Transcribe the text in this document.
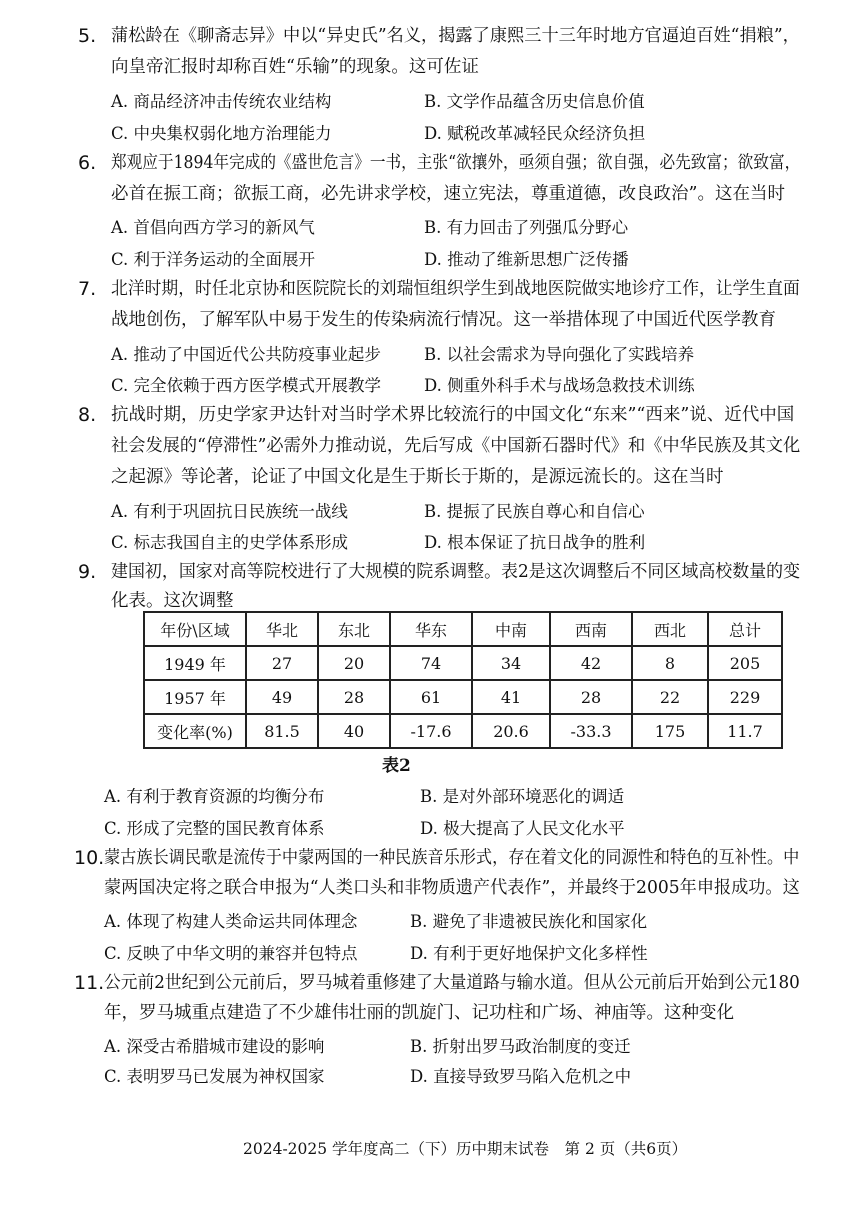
5. 蒲松龄在《聊斋志异》中以“异史氏”名义，揭露了康熙三十三年时地方官逼迫百姓“捐粮”，
向皇帝汇报时却称百姓“乐输”的现象。这可佐证
A. 商品经济冲击传统农业结构	B. 文学作品蕴含历史信息价值
C. 中央集权弱化地方治理能力	D. 赋税改革减轻民众经济负担
6. 郑观应于1894年完成的《盛世危言》一书，主张“欲攘外，亟须自强；欲自强，必先致富；欲致富，
必首在振工商；欲振工商，必先讲求学校，速立宪法，尊重道德，改良政治”。这在当时
A. 首倡向西方学习的新风气	B. 有力回击了列强瓜分野心
C. 利于洋务运动的全面展开	D. 推动了维新思想广泛传播
7. 北洋时期，时任北京协和医院院长的刘瑞恒组织学生到战地医院做实地诊疗工作，让学生直面
战地创伤，了解军队中易于发生的传染病流行情况。这一举措体现了中国近代医学教育
A. 推动了中国近代公共防疫事业起步	B. 以社会需求为导向强化了实践培养
C. 完全依赖于西方医学模式开展教学	D. 侧重外科手术与战场急救技术训练
8. 抗战时期，历史学家尹达针对当时学术界比较流行的中国文化“东来”“西来”说、近代中国
社会发展的“停滞性”必需外力推动说，先后写成《中国新石器时代》和《中华民族及其文化
之起源》等论著，论证了中国文化是生于斯长于斯的，是源远流长的。这在当时
A. 有利于巩固抗日民族统一战线	B. 提振了民族自尊心和自信心
C. 标志我国自主的史学体系形成	D. 根本保证了抗日战争的胜利
9. 建国初，国家对高等院校进行了大规模的院系调整。表2是这次调整后不同区域高校数量的变
化表。这次调整
年份\区域	华北	东北	华东	中南	西南	西北	总计
1949 年	27	20	74	34	42	8	205
1957 年	49	28	61	41	28	22	229
变化率(%)	81.5	40	-17.6	20.6	-33.3	175	11.7
表2
A. 有利于教育资源的均衡分布	B. 是对外部环境恶化的调适
C. 形成了完整的国民教育体系	D. 极大提高了人民文化水平
10. 蒙古族长调民歌是流传于中蒙两国的一种民族音乐形式，存在着文化的同源性和特色的互补性。中
蒙两国决定将之联合申报为“人类口头和非物质遗产代表作”，并最终于2005年申报成功。这
A. 体现了构建人类命运共同体理念	B. 避免了非遗被民族化和国家化
C. 反映了中华文明的兼容并包特点	D. 有利于更好地保护文化多样性
11. 公元前2世纪到公元前后，罗马城着重修建了大量道路与输水道。但从公元前后开始到公元180
年，罗马城重点建造了不少雄伟壮丽的凯旋门、记功柱和广场、神庙等。这种变化
A. 深受古希腊城市建设的影响	B. 折射出罗马政治制度的变迁
C. 表明罗马已发展为神权国家	D. 直接导致罗马陷入危机之中
2024-2025 学年度高二（下）历中期末试卷　第 2 页（共6页）
